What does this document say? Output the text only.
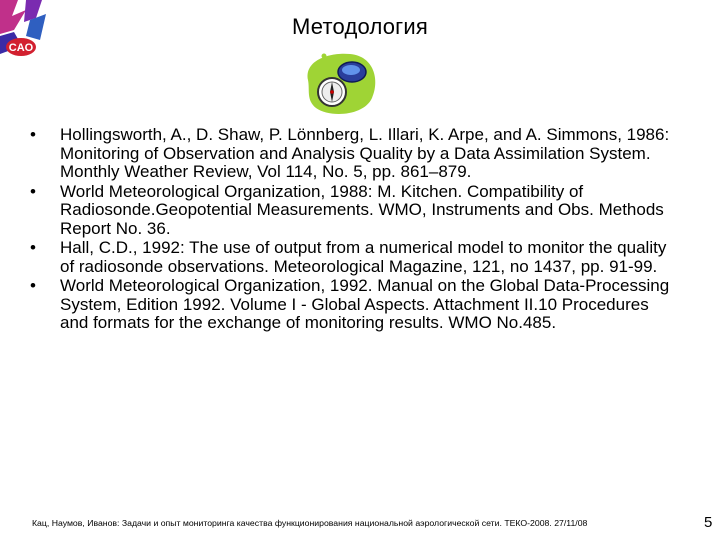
CAO
Методология
• Hollingsworth, A., D. Shaw, P. Lönnberg, L. Illari, K. Arpe, and A. Simmons, 1986: Monitoring of Observation and Analysis Quality by a Data Assimilation System. Monthly Weather Review, Vol 114, No. 5, pp. 861–879.
• World Meteorological Organization, 1988: M. Kitchen. Compatibility of Radiosonde.Geopotential Measurements. WMO, Instruments and Obs. Methods Report No. 36.
• Hall, C.D., 1992: The use of output from a numerical model to monitor the quality of radiosonde observations. Meteorological Magazine, 121, no 1437, pp. 91-99.
• World Meteorological Organization, 1992. Manual on the Global Data-Processing System, Edition 1992. Volume I - Global Aspects. Attachment II.10 Procedures and formats for the exchange of monitoring results. WMO No.485.
Кац, Наумов, Иванов: Задачи и опыт мониторинга качества функционирования национальной аэрологической сети. ТЕКО-2008. 27/11/08	5
